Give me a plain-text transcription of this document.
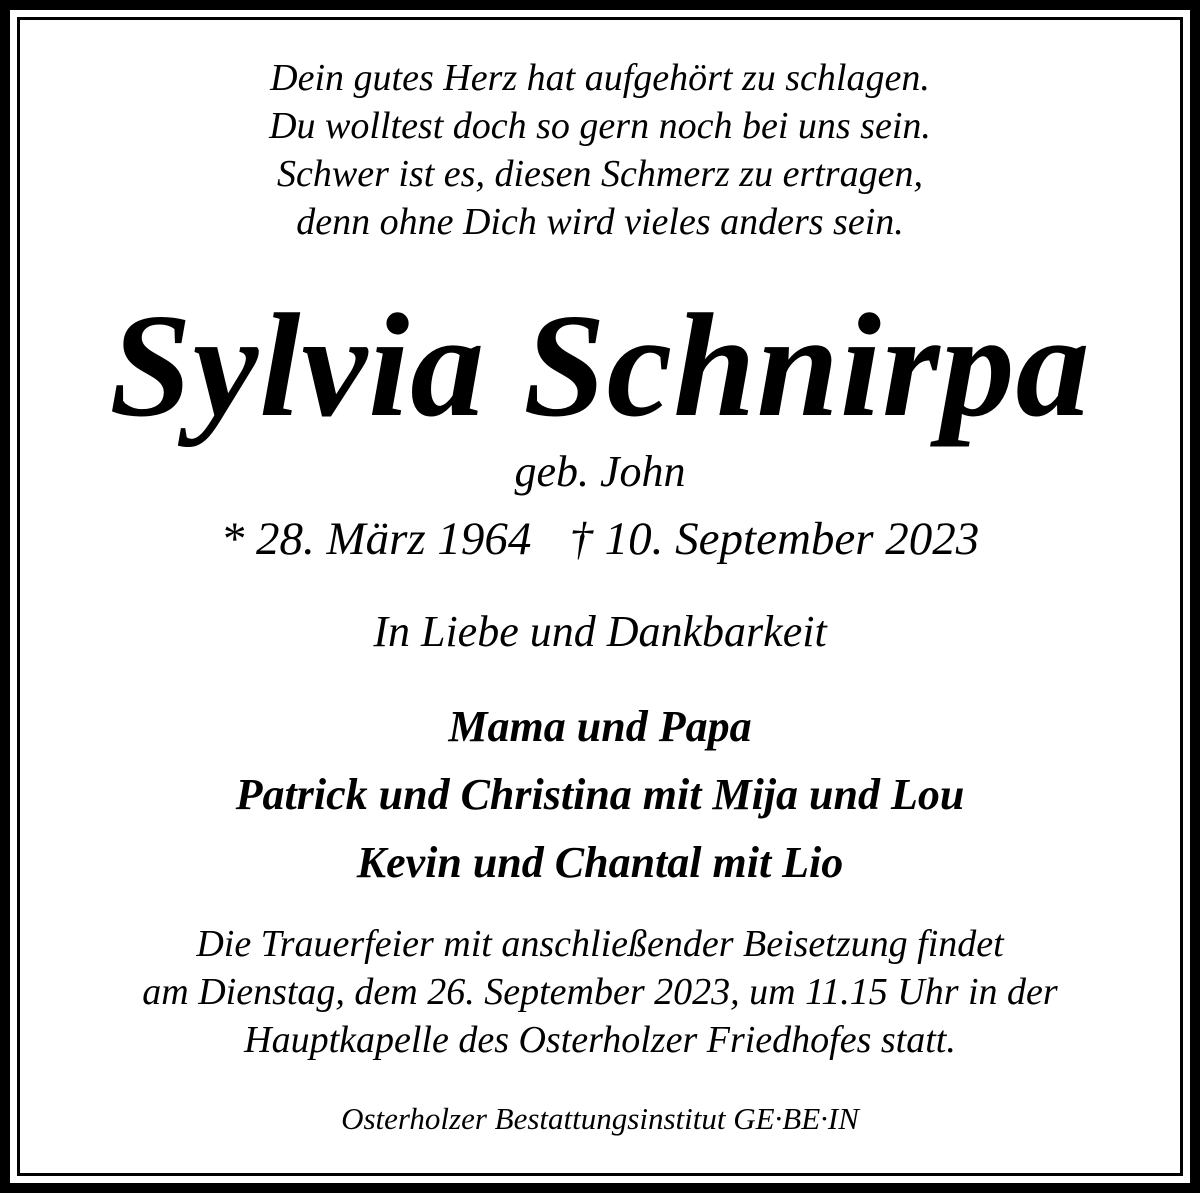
Dein gutes Herz hat aufgehört zu schlagen.
Du wolltest doch so gern noch bei uns sein.
Schwer ist es, diesen Schmerz zu ertragen,
denn ohne Dich wird vieles anders sein.
Sylvia Schnirpa
geb. John
* 28. März 1964 † 10. September 2023
In Liebe und Dankbarkeit
Mama und Papa
Patrick und Christina mit Mija und Lou
Kevin und Chantal mit Lio
Die Trauerfeier mit anschließender Beisetzung findet
am Dienstag, dem 26. September 2023, um 11.15 Uhr in der
Hauptkapelle des Osterholzer Friedhofes statt.
Osterholzer Bestattungsinstitut GE·BE·IN
